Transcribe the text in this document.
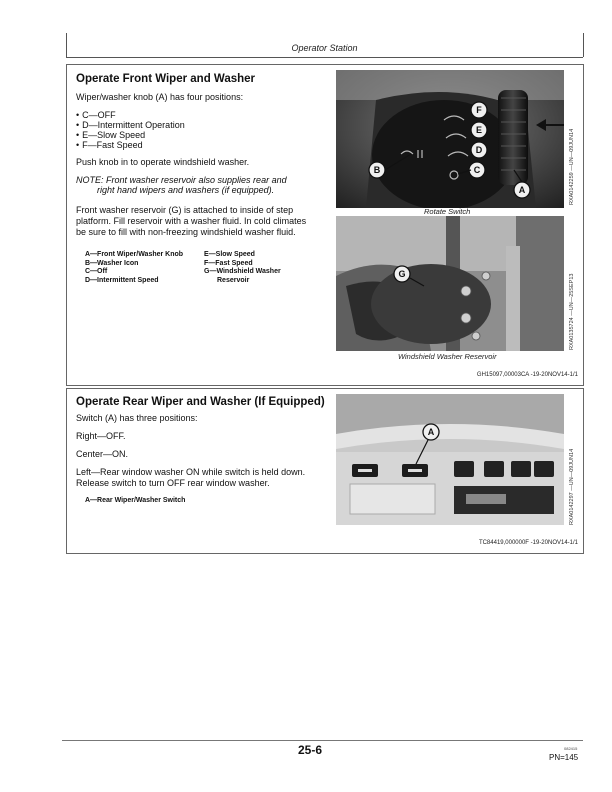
Operator Station
Operate Front Wiper and Washer
Wiper/washer knob (A) has four positions:
• C—OFF
• D—Intermittent Operation
• E—Slow Speed
• F—Fast Speed
Push knob in to operate windshield washer.
NOTE: Front washer reservoir also supplies rear and
right hand wipers and washers (if equipped).
Front washer reservoir (G) is attached to inside of step
platform. Fill reservoir with a washer fluid. In cold climates
be sure to fill with non-freezing windshield washer fluid.
A—Front Wiper/Washer Knob
B—Washer Icon
C—Off
D—Intermittent Speed
E—Slow Speed
F—Fast Speed
G—Windshield Washer
Reservoir
F
E
D
C
B
A
Rotate Switch
RXA0142259 —UN—09JUN14
G
Windshield Washer Reservoir
RXA0135724 —UN—25SEP13
GH15097,00003CA -19-20NOV14-1/1
Operate Rear Wiper and Washer (If Equipped)
Switch (A) has three positions:
Right—OFF.
Center—ON.
Left—Rear window washer ON while switch is held down.
Release switch to turn OFF rear window washer.
A—Rear Wiper/Washer Switch
A
RXA0142297 —UN—09JUN14
TC84419,000000F -19-20NOV14-1/1
25-6	082415
PN=145
